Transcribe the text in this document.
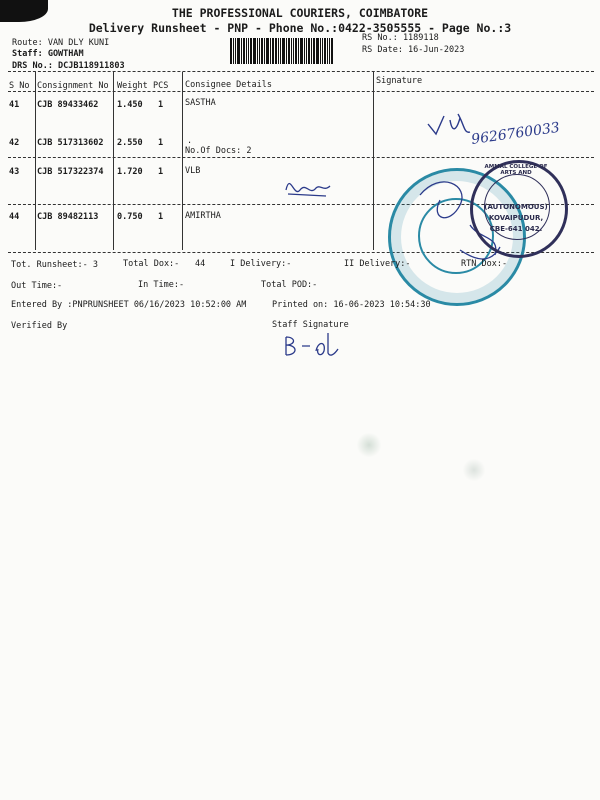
THE PROFESSIONAL COURIERS, COIMBATORE
Delivery Runsheet - PNP - Phone No.:0422-3505555 - Page No.:3
Route: VAN DLY KUNI
Staff: GOWTHAM
DRS No.: DCJB118911803
RS No.: 1189118
RS Date: 16-Jun-2023
S No Consignment No Weight PCS Consignee Details	Signature
41 CJB 89433462 1.450 1	SASTHA
42 CJB 517313602 2.550 1	.
No.Of Docs: 2
43 CJB 517322374 1.720 1	VLB
44 CJB 89482113 0.750 1	AMIRTHA
9626760033
AMMAL COLLEGE OF ARTS AND
(AUTONOMOUS)
KOVAIPUDUR,
CBE-641 042.
Tot. Runsheet:- 3	Total Dox:- 44	I Delivery:-	II Delivery:-	RTN Dox:-
Out Time:-	In Time:-	Total POD:-
Entered By :PNPRUNSHEET 06/16/2023 10:52:00 AM	Printed on: 16-06-2023 10:54:30
Verified By	Staff Signature
